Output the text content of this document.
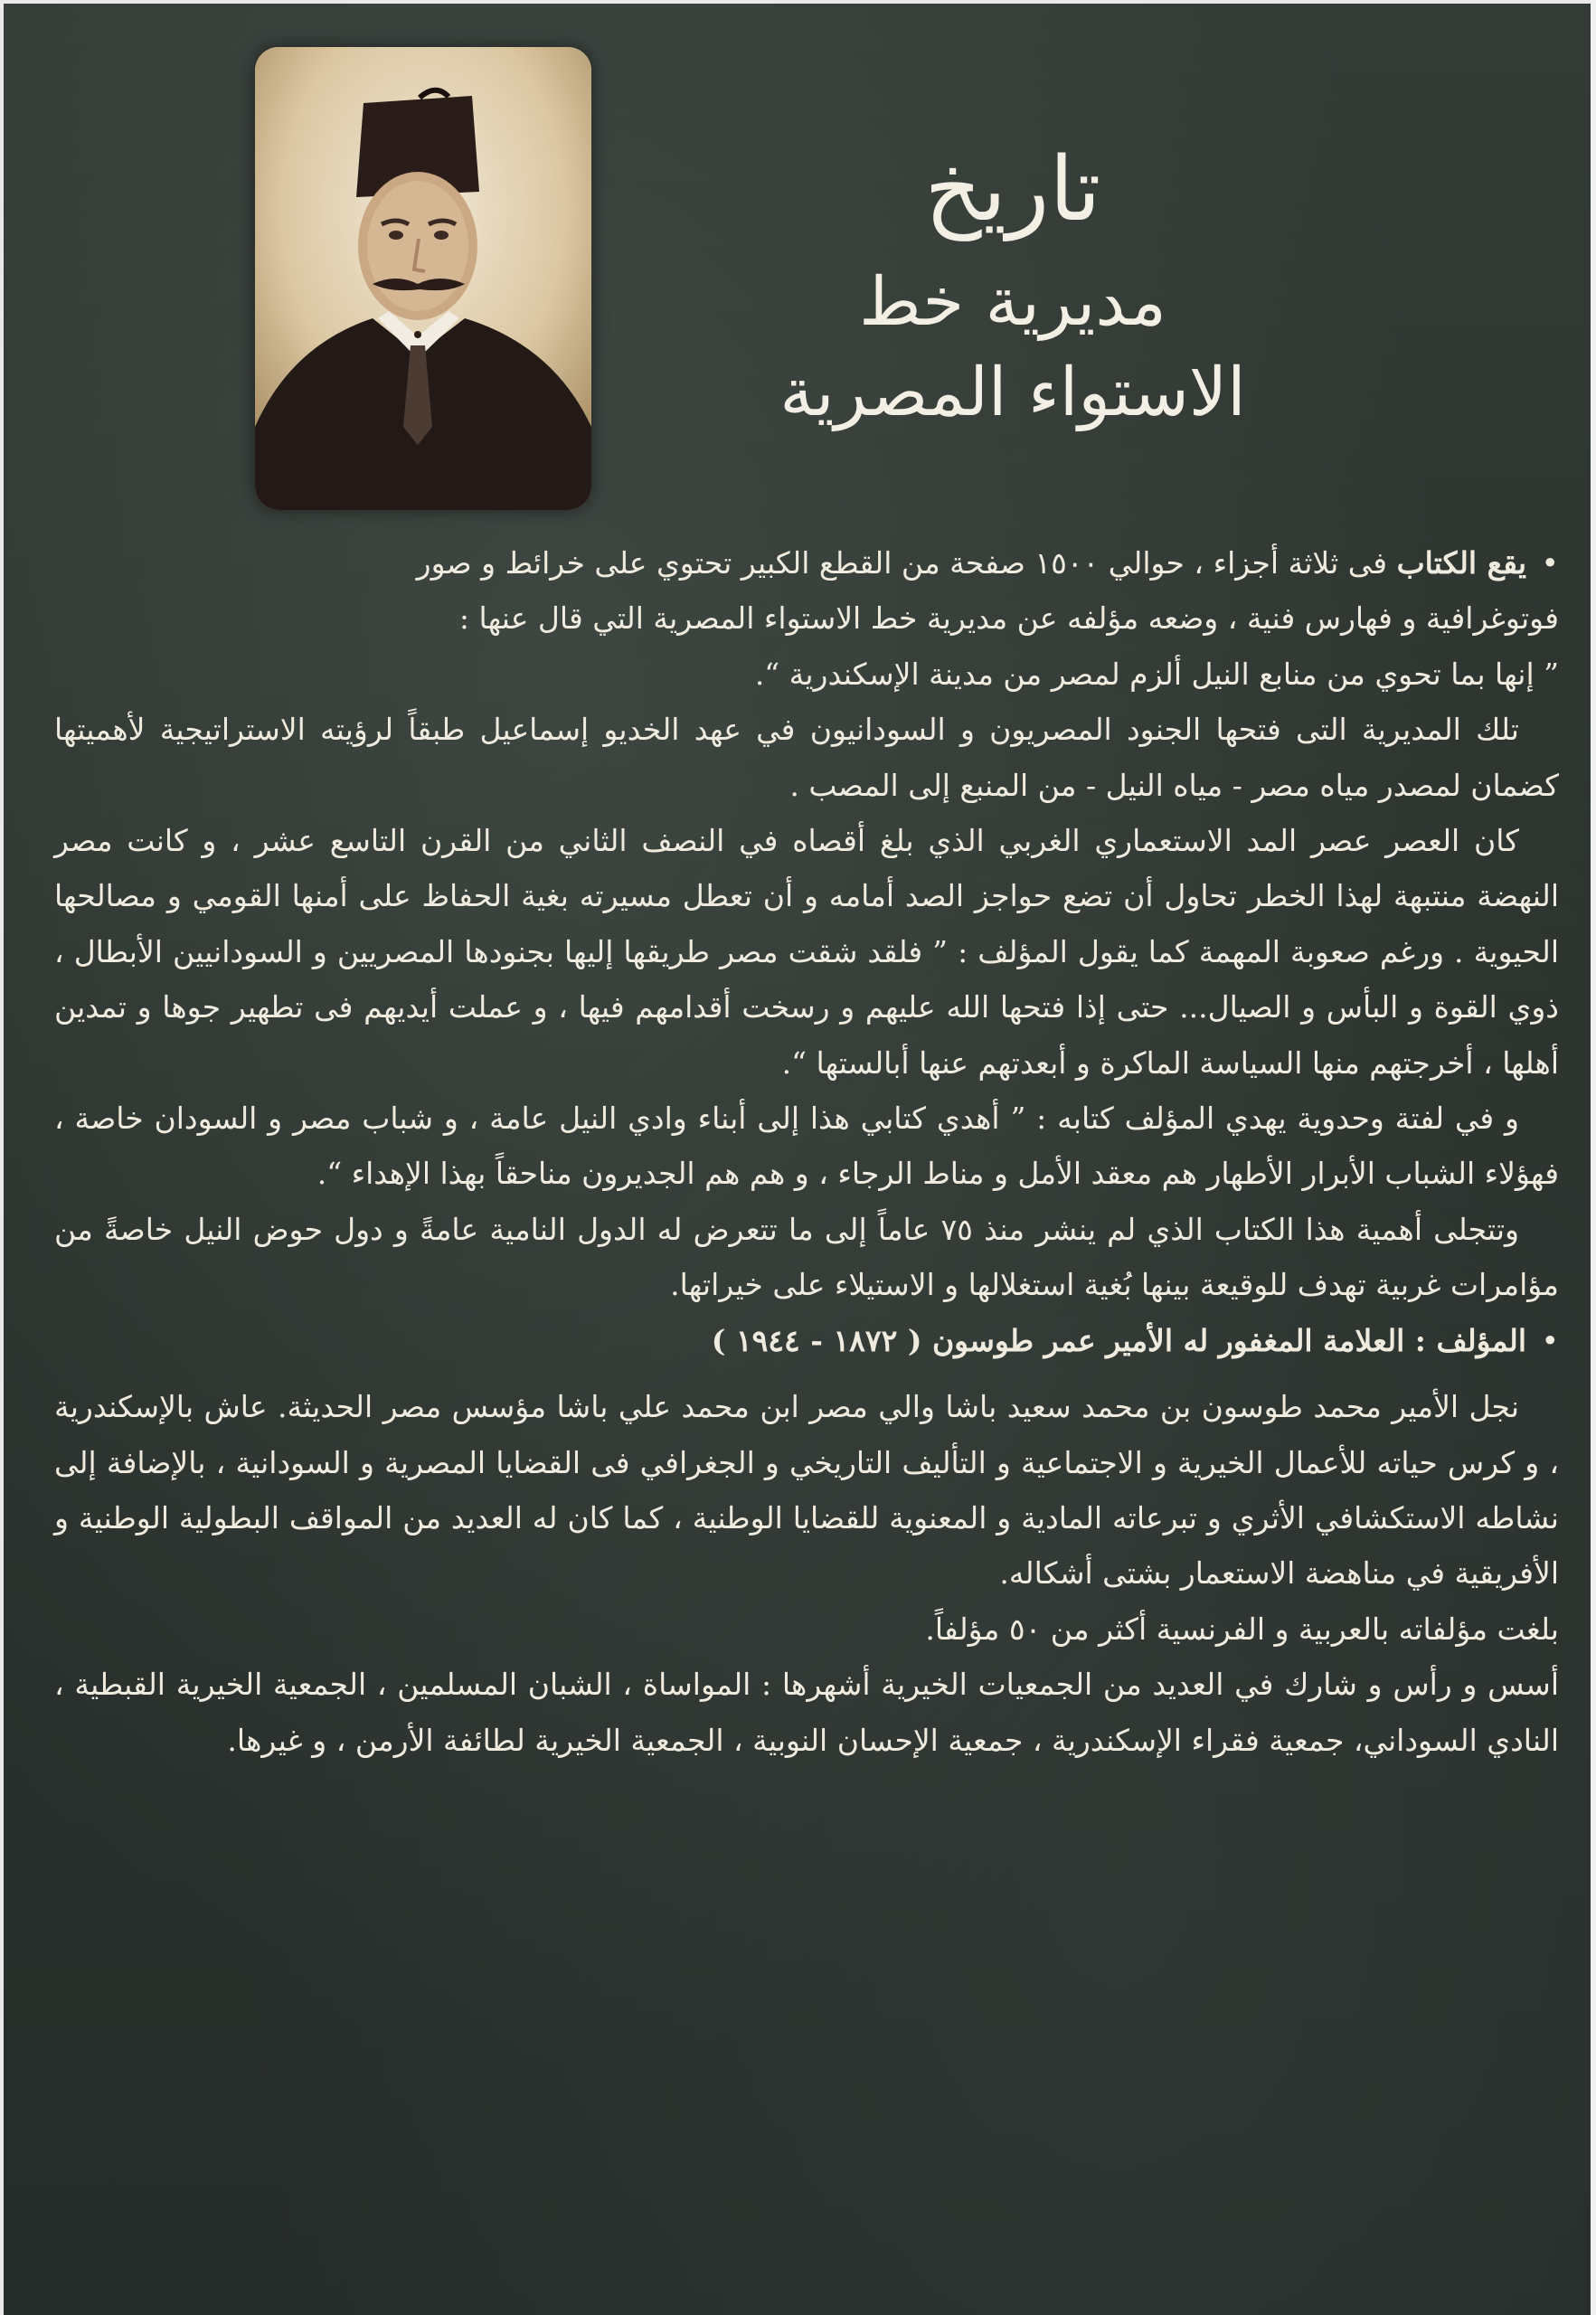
تاريخ
مديرية خط الاستواء المصرية

• يقع الكتاب فى ثلاثة أجزاء ، حوالي ١٥٠٠ صفحة من القطع الكبير تحتوي على خرائط و صور

فوتوغرافية و فهارس فنية ، وضعه مؤلفه عن مديرية خط الاستواء المصرية التي قال عنها :

” إنها بما تحوي من منابع النيل ألزم لمصر من مدينة الإسكندرية “.

تلك المديرية التى فتحها الجنود المصريون و السودانيون في عهد الخديو إسماعيل طبقاً لرؤيته الاستراتيجية لأهميتها كضمان لمصدر مياه مصر - مياه النيل - من المنبع إلى المصب .

كان العصر عصر المد الاستعماري الغربي الذي بلغ أقصاه في النصف الثاني من القرن التاسع عشر ، و كانت مصر النهضة منتبهة لهذا الخطر تحاول أن تضع حواجز الصد أمامه و أن تعطل مسيرته بغية الحفاظ على أمنها القومي و مصالحها الحيوية . ورغم صعوبة المهمة كما يقول المؤلف : ” فلقد شقت مصر طريقها إليها بجنودها المصريين و السودانيين الأبطال ، ذوي القوة و البأس و الصيال... حتى إذا فتحها الله عليهم و رسخت أقدامهم فيها ، و عملت أيديهم فى تطهير جوها و تمدين أهلها ، أخرجتهم منها السياسة الماكرة و أبعدتهم عنها أبالستها “.

و في لفتة وحدوية يهدي المؤلف كتابه : ” أهدي كتابي هذا إلى أبناء وادي النيل عامة ، و شباب مصر و السودان خاصة ، فهؤلاء الشباب الأبرار الأطهار هم معقد الأمل و مناط الرجاء ، و هم هم الجديرون مناحقاً بهذا الإهداء “.

وتتجلى أهمية هذا الكتاب الذي لم ينشر منذ ٧٥ عاماً إلى ما تتعرض له الدول النامية عامةً و دول حوض النيل خاصةً من مؤامرات غربية تهدف للوقيعة بينها بُغية استغلالها و الاستيلاء على خيراتها.

• المؤلف : العلامة المغفور له الأمير عمر طوسون ( ١٨٧٢ - ١٩٤٤ )

نجل الأمير محمد طوسون بن محمد سعيد باشا والي مصر ابن محمد علي باشا مؤسس مصر الحديثة. عاش بالإسكندرية ، و كرس حياته للأعمال الخيرية و الاجتماعية و التأليف التاريخي و الجغرافي فى القضايا المصرية و السودانية ، بالإضافة إلى نشاطه الاستكشافي الأثري و تبرعاته المادية و المعنوية للقضايا الوطنية ، كما كان له العديد من المواقف البطولية الوطنية و الأفريقية في مناهضة الاستعمار بشتى أشكاله.

بلغت مؤلفاته بالعربية و الفرنسية أكثر من ٥٠ مؤلفاً.

أسس و رأس و شارك في العديد من الجمعيات الخيرية أشهرها : المواساة ، الشبان المسلمين ، الجمعية الخيرية القبطية ، النادي السوداني، جمعية فقراء الإسكندرية ، جمعية الإحسان النوبية ، الجمعية الخيرية لطائفة الأرمن ، و غيرها.
